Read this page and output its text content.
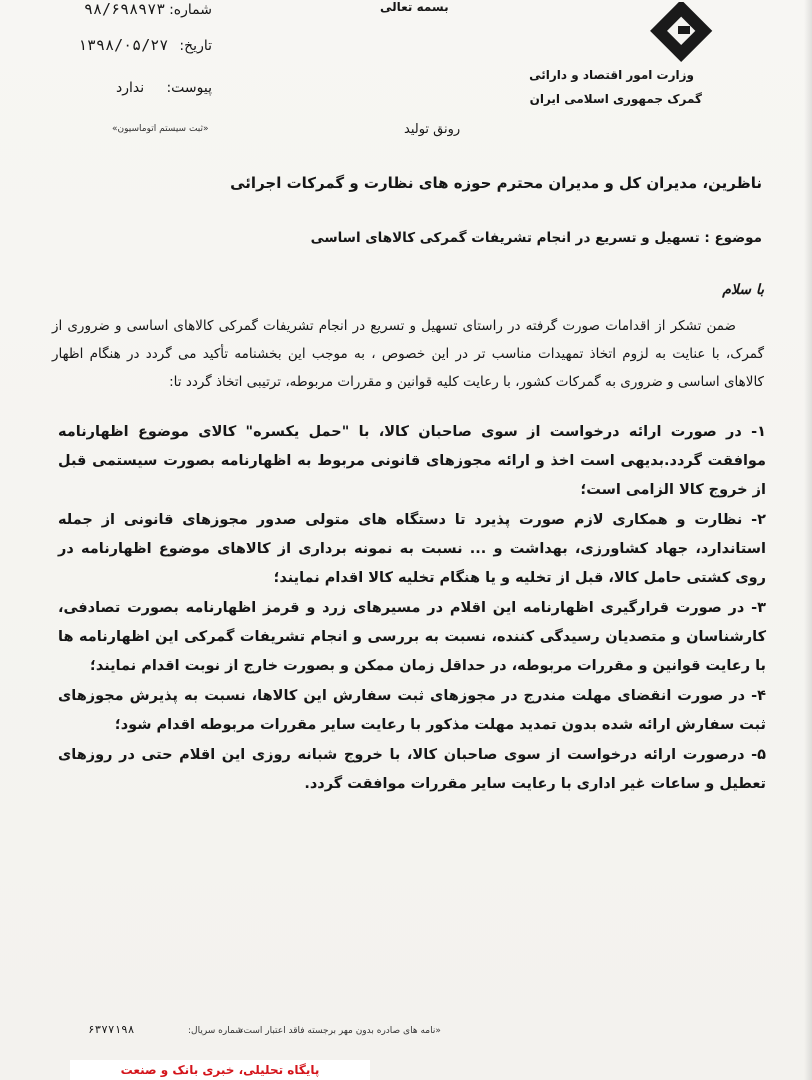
بسمه تعالی
وزارت امور اقتصاد و دارائی
گمرک جمهوری اسلامی ایران
شماره:
۹۸/۶۹۸۹۷۳
تاریخ:
۱۳۹۸/۰۵/۲۷
پیوست:
ندارد
«ثبت سیستم اتوماسیون»	رونق تولید
ناظرین، مدیران کل و مدیران محترم حوزه های نظارت و گمرکات اجرائی
موضوع : تسهیل و تسریع در انجام تشریفات گمرکی کالاهای اساسی
با سلام

ضمن تشکر از اقدامات صورت گرفته در راستای تسهیل و تسریع در انجام تشریفات گمرکی کالاهای اساسی و ضروری از گمرک، با عنایت به لزوم اتخاذ تمهیدات مناسب تر در این خصوص ، به موجب این بخشنامه تأکید می گردد در هنگام اظهار کالاهای اساسی و ضروری به گمرکات کشور، با رعایت کلیه قوانین و مقررات مربوطه، ترتیبی اتخاذ گردد تا:

۱- در صورت ارائه درخواست از سوی صاحبان کالا، با "حمل یکسره" کالای موضوع اظهارنامه موافقت گردد.بدیهی است اخذ و ارائه مجوزهای قانونی مربوط به اظهارنامه بصورت سیستمی قبل از خروج کالا الزامی است؛
۲- نظارت و همکاری لازم صورت پذیرد تا دستگاه های متولی صدور مجوزهای قانونی از جمله استاندارد، جهاد کشاورزی، بهداشت و ... نسبت به نمونه برداری از کالاهای موضوع اظهارنامه در روی کشتی حامل کالا، قبل از تخلیه و یا هنگام تخلیه کالا اقدام نمایند؛
۳- در صورت قرارگیری اظهارنامه این اقلام در مسیرهای زرد و قرمز اظهارنامه بصورت تصادفی، کارشناسان و متصدیان رسیدگی کننده، نسبت به بررسی و انجام تشریفات گمرکی این اظهارنامه ها با رعایت قوانین و مقررات مربوطه، در حداقل زمان ممکن و بصورت خارج از نوبت اقدام نمایند؛
۴- در صورت انقضای مهلت مندرج در مجوزهای ثبت سفارش این کالاها، نسبت به پذیرش مجوزهای ثبت سفارش ارائه شده بدون تمدید مهلت مذکور با رعایت سایر مقررات مربوطه اقدام شود؛
۵- درصورت ارائه درخواست از سوی صاحبان کالا، با خروج شبانه روزی این اقلام حتی در روزهای تعطیل و ساعات غیر اداری با رعایت سایر مقررات موافقت گردد.
«نامه های صادره بدون مهر برجسته فاقد اعتبار است»
شماره سریال:
۶۳۷۷۱۹۸
پایگاه تحلیلی، خبری بانک و صنعت
